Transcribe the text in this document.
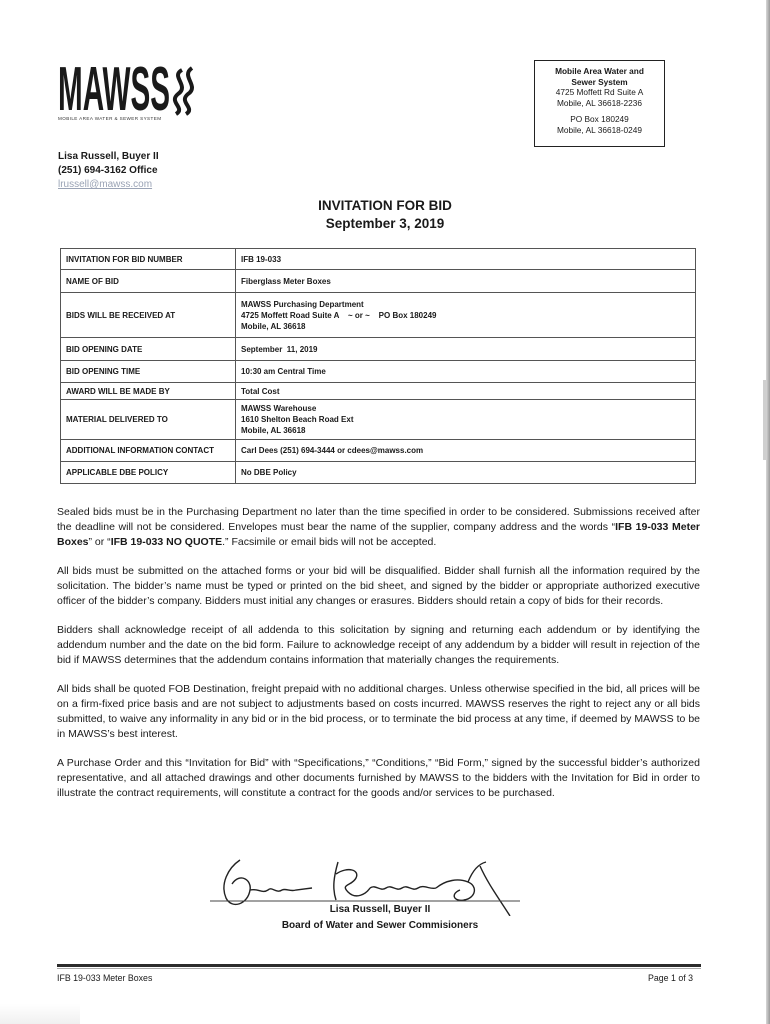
MAWSS
MOBILE AREA WATER & SEWER SYSTEM
Lisa Russell, Buyer II
(251) 694-3162 Office
lrussell@mawss.com
Mobile Area Water and
Sewer System
4725 Moffett Rd Suite A
Mobile, AL 36618-2236
PO Box 180249
Mobile, AL 36618-0249
INVITATION FOR BID
September 3, 2019
INVITATION FOR BID NUMBER	IFB 19-033
NAME OF BID	Fiberglass Meter Boxes
BIDS WILL BE RECEIVED AT	MAWSS Purchasing Department
4725 Moffett Road Suite A    ~ or ~    PO Box 180249
Mobile, AL 36618

BID OPENING DATE	September  11, 2019
BID OPENING TIME	10:30 am Central Time
AWARD WILL BE MADE BY	Total Cost
MATERIAL DELIVERED TO	MAWSS Warehouse
1610 Shelton Beach Road Ext
Mobile, AL 36618

ADDITIONAL INFORMATION CONTACT	Carl Dees (251) 694-3444 or cdees@mawss.com
APPLICABLE DBE POLICY	No DBE Policy

Sealed bids must be in the Purchasing Department no later than the time specified in order to be considered. Submissions received after the deadline will not be considered. Envelopes must bear the name of the supplier, company address and the words “IFB 19-033 Meter Boxes” or “IFB 19-033 NO QUOTE.” Facsimile or email bids will not be accepted.

All bids must be submitted on the attached forms or your bid will be disqualified. Bidder shall furnish all the information required by the solicitation. The bidder’s name must be typed or printed on the bid sheet, and signed by the bidder or appropriate authorized executive officer of the bidder’s company. Bidders must initial any changes or erasures. Bidders should retain a copy of bids for their records.

Bidders shall acknowledge receipt of all addenda to this solicitation by signing and returning each addendum or by identifying the addendum number and the date on the bid form. Failure to acknowledge receipt of any addendum by a bidder will result in rejection of the bid if MAWSS determines that the addendum contains information that materially changes the requirements.

All bids shall be quoted FOB Destination, freight prepaid with no additional charges. Unless otherwise specified in the bid, all prices will be on a firm-fixed price basis and are not subject to adjustments based on costs incurred. MAWSS reserves the right to reject any or all bids submitted, to waive any informality in any bid or in the bid process, or to terminate the bid process at any time, if deemed by MAWSS to be in MAWSS’s best interest.

A Purchase Order and this “Invitation for Bid” with “Specifications,” “Conditions,” “Bid Form,” signed by the successful bidder’s authorized representative, and all attached drawings and other documents furnished by MAWSS to the bidders with the Invitation for Bid in order to illustrate the contract requirements, will constitute a contract for the goods and/or services to be purchased.

Lisa Russell, Buyer II
Board of Water and Sewer Commisioners
IFB 19-033 Meter Boxes	Page 1 of 3
